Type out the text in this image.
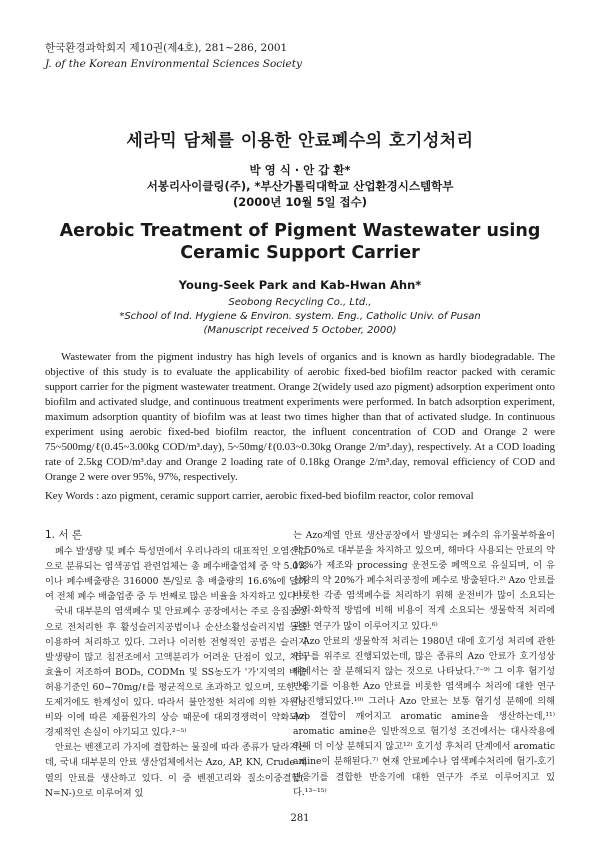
한국환경과학회지 제10권(제4호), 281~286, 2001
J. of the Korean Environmental Sciences Society
세라믹 담체를 이용한 안료폐수의 호기성처리
박 영 식 · 안 갑 환*
서봉리사이클링(주), *부산가톨릭대학교 산업환경시스템학부
(2000년 10월 5일 접수)
Aerobic Treatment of Pigment Wastewater using Ceramic Support Carrier
Young-Seek Park and Kab-Hwan Ahn*
Seobong Recycling Co., Ltd.,
*School of Ind. Hygiene & Environ. system. Eng., Catholic Univ. of Pusan
(Manuscript received 5 October, 2000)

Wastewater from the pigment industry has high levels of organics and is known as hardly biodegradable. The objective of this study is to evaluate the applicability of aerobic fixed-bed biofilm reactor packed with ceramic support carrier for the pigment wastewater treatment. Orange 2(widely used azo pigment) adsorption experiment onto biofilm and activated sludge, and continuous treatment experiments were performed. In batch adsorption experiment, maximum adsorption quantity of biofilm was at least two times higher than that of activated sludge. In continuous experiment using aerobic fixed-bed biofilm reactor, the influent concentration of COD and Orange 2 were 75~500mg/ℓ(0.45~3.00kg COD/m³.day), 5~50mg/ℓ(0.03~0.30kg Orange 2/m³.day), respectively. At a COD loading rate of 2.5kg COD/m³.day and Orange 2 loading rate of 0.18kg Orange 2/m³.day, removal efficiency of COD and Orange 2 were over 95%, 97%, respectively.

Key Words : azo pigment, ceramic support carrier, aerobic fixed-bed biofilm reactor, color removal
1. 서 론

폐수 발생량 및 폐수 특성면에서 우리나라의 대표적인 오염산업으로 분류되는 염색공업 관련업체는 총 폐수배출업체 중 약 5.0%이나 폐수배출량은 316000 톤/일로 총 배출량의 16.6%에 달하여 전체 폐수 배출업종 중 두 번째로 많은 비율을 차지하고 있다.¹⁾

국내 대부분의 염색폐수 및 안료폐수 공장에서는 주로 응집공정으로 전처리한 후 활성슬러지공법이나 순산소활성슬러지법 등을 이용하여 처리하고 있다. 그러나 이러한 전형적인 공법은 슬러지 발생량이 많고 침전조에서 고액분리가 어려운 단점이 있고, 처리효율이 저조하여 BOD₅, CODMn 및 SS농도가 '가'지역의 배출허용기준인 60~70mg/ℓ를 평균적으로 초과하고 있으며, 또한 색도제거에도 한계성이 있다. 따라서 불안정한 처리에 의한 자원낭비와 이에 따른 제품원가의 상승 때문에 대외경쟁력이 약화되어 경제적인 손실이 야기되고 있다.²⁻⁵⁾

안료는 벤젠고리 가지에 결합하는 물질에 따라 종류가 달라지는데, 국내 대부분의 안료 생산업체에서는 Azo, AP, KN, Crude 계열의 안료를 생산하고 있다. 이 중 벤젠고리와 질소이중결합(-N=N-)으로 이루어져 있

는 Azo계열 안료 생산공장에서 발생되는 폐수의 유기물부하율이 약 50%로 대부분을 차지하고 있으며, 해마다 사용되는 안료의 약 12%가 제조와 processing 운전도중 폐액으로 유실되며, 이 유실량의 약 20%가 폐수처리공정에 폐수로 방출된다.²⁾ Azo 안료를 비롯한 각종 염색폐수를 처리하기 위해 운전비가 많이 소요되는 물리·화학적 방법에 비해 비용이 적게 소요되는 생물학적 처리에 관한 연구가 많이 이루어지고 있다.⁶⁾

Azo 안료의 생물학적 처리는 1980년 대에 호기성 처리에 관한 연구를 위주로 진행되었는데, 많은 종류의 Azo 안료가 호기성상태에서는 잘 분해되지 않는 것으로 나타났다.⁷⁻⁹⁾ 그 이후 혐기성 반응기를 이용한 Azo 안료를 비롯한 염색폐수 처리에 대한 연구가 진행되었다.¹⁰⁾ 그러나 Azo 안료는 보통 혐기성 분해에 의해 Azo 결합이 깨어지고 aromatic amine을 생산하는데,¹¹⁾ aromatic amine은 일반적으로 혐기성 조건에서는 대사작용에 의해 더 이상 분해되지 않고¹²⁾ 호기성 후처리 단계에서 aromatic amine이 분해된다.⁷⁾ 현재 안료폐수나 염색폐수처리에 혐기-호기 반응기를 결합한 반응기에 대한 연구가 주로 이루어지고 있다.¹³⁻¹⁵⁾

281
